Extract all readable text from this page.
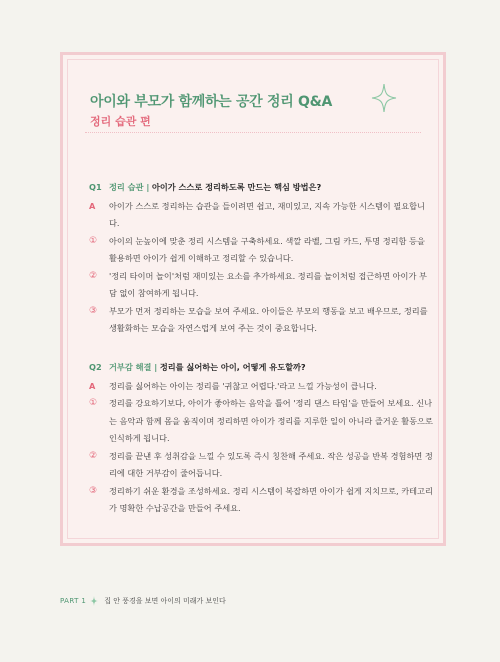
아이와 부모가 함께하는 공간 정리 Q&A
정리 습관 편
Q1 정리 습관 | 아이가 스스로 정리하도록 만드는 핵심 방법은?
A	아이가 스스로 정리하는 습관을 들이려면 쉽고, 재미있고, 지속 가능한 시스템이 필요합니다.
①	아이의 눈높이에 맞춘 정리 시스템을 구축하세요. 색깔 라벨, 그림 카드, 투명 정리함 등을 활용하면 아이가 쉽게 이해하고 정리할 수 있습니다.
②	'정리 타이머 놀이'처럼 재미있는 요소를 추가하세요. 정리를 놀이처럼 접근하면 아이가 부담 없이 참여하게 됩니다.
③	부모가 먼저 정리하는 모습을 보여 주세요. 아이들은 부모의 행동을 보고 배우므로, 정리를 생활화하는 모습을 자연스럽게 보여 주는 것이 중요합니다.
Q2 거부감 해결 | 정리를 싫어하는 아이, 어떻게 유도할까?
A	정리를 싫어하는 아이는 정리를 '귀찮고 어렵다.'라고 느낄 가능성이 큽니다.
①	정리를 강요하기보다, 아이가 좋아하는 음악을 틀어 '정리 댄스 타임'을 만들어 보세요. 신나는 음악과 함께 몸을 움직이며 정리하면 아이가 정리를 지루한 일이 아니라 즐거운 활동으로 인식하게 됩니다.
②	정리를 끝낸 후 성취감을 느낄 수 있도록 즉시 칭찬해 주세요. 작은 성공을 반복 경험하면 정리에 대한 거부감이 줄어듭니다.
③	정리하기 쉬운 환경을 조성하세요. 정리 시스템이 복잡하면 아이가 쉽게 지치므로, 카테고리가 명확한 수납공간을 만들어 주세요.
PART 1	집 안 풍경을 보면 아이의 미래가 보인다
